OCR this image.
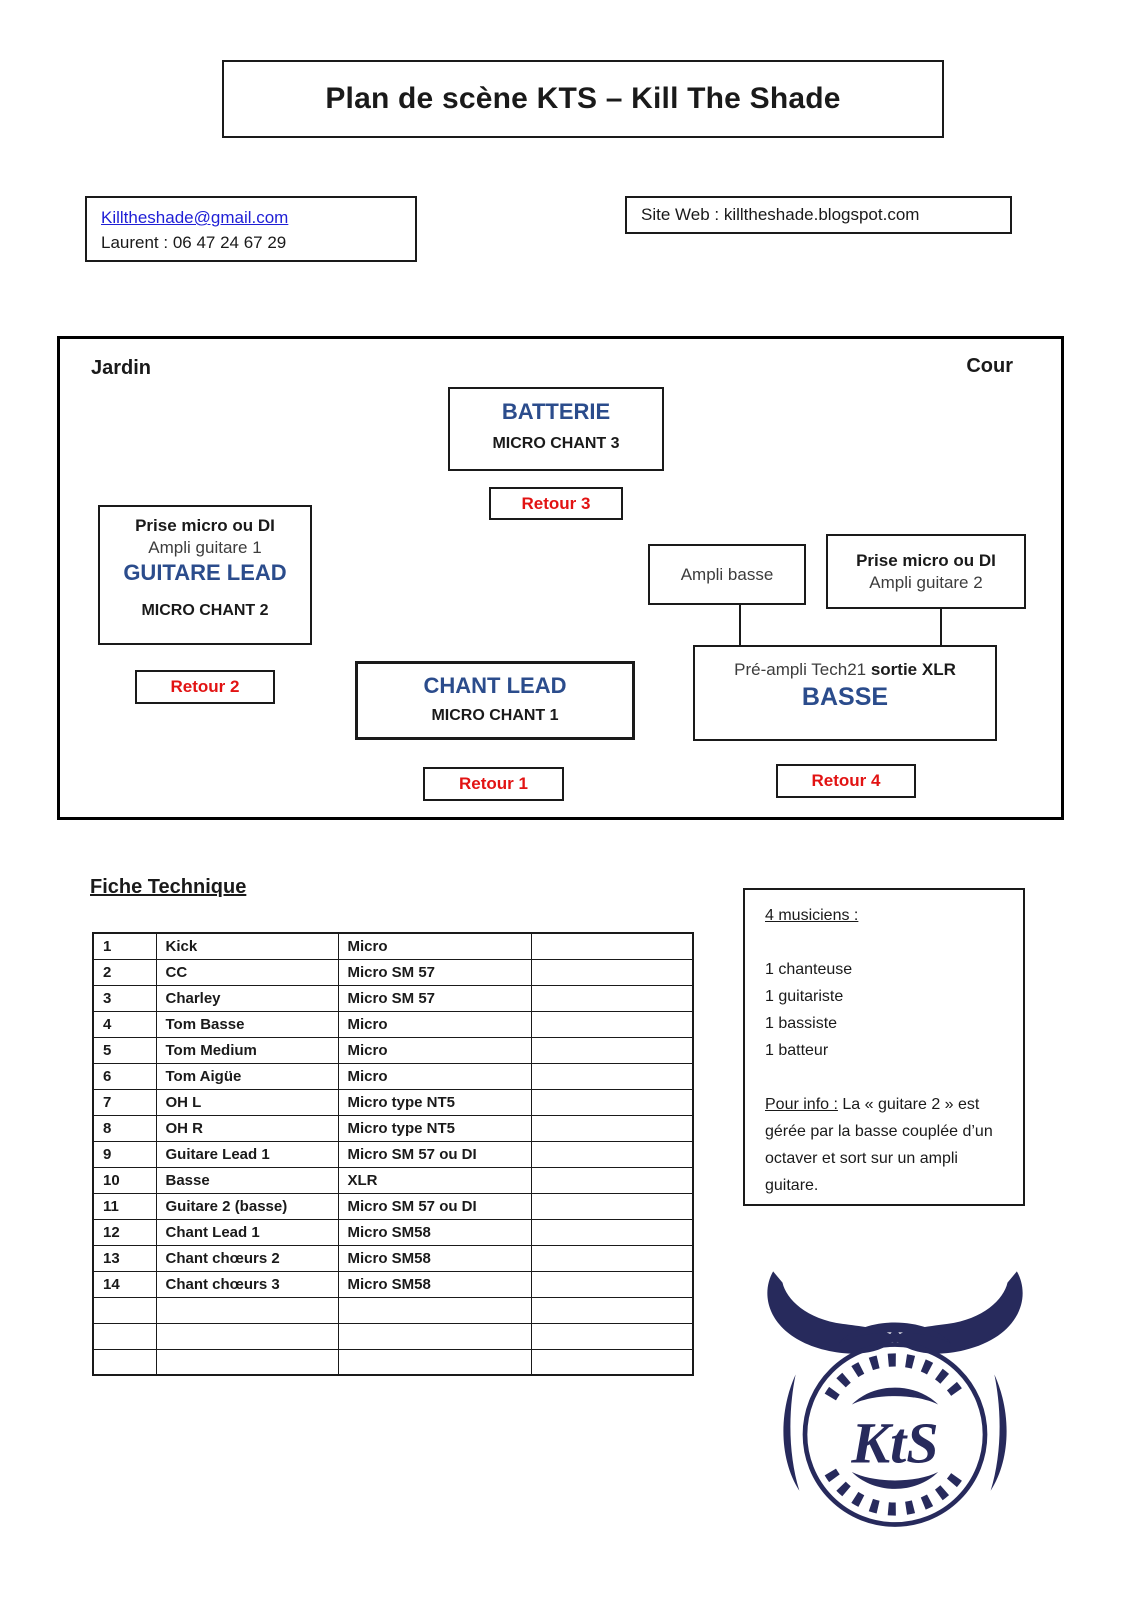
Plan de scène KTS – Kill The Shade
Killtheshade@gmail.com
Laurent : 06 47 24 67 29
Site Web : killtheshade.blogspot.com
Jardin	Cour
BATTERIE
MICRO CHANT 3
Retour 3
Prise micro ou DI
Ampli guitare 1
GUITARE LEAD
MICRO CHANT 2
Retour 2
Ampli basse
Prise micro ou DI
Ampli guitare 2
CHANT LEAD
MICRO CHANT 1
Pré-ampli Tech21 sortie XLR
BASSE
Retour 1	Retour 4
Fiche Technique
1	Kick	Micro	
2	CC	Micro SM 57	
3	Charley	Micro SM 57	
4	Tom Basse	Micro	
5	Tom Medium	Micro	
6	Tom Aigüe	Micro	
7	OH L	Micro type NT5	
8	OH R	Micro type NT5	
9	Guitare Lead 1	Micro SM 57 ou DI	
10	Basse	XLR	
11	Guitare 2 (basse)	Micro SM 57 ou DI	
12	Chant Lead 1	Micro SM58	
13	Chant chœurs 2	Micro SM58	
14	Chant chœurs 3	Micro SM58	

4 musiciens :
1 chanteuse
1 guitariste
1 bassiste
1 batteur
Pour info : La « guitare 2 » est gérée par la basse couplée d’un octaver et sort sur un ampli guitare.
KtS
